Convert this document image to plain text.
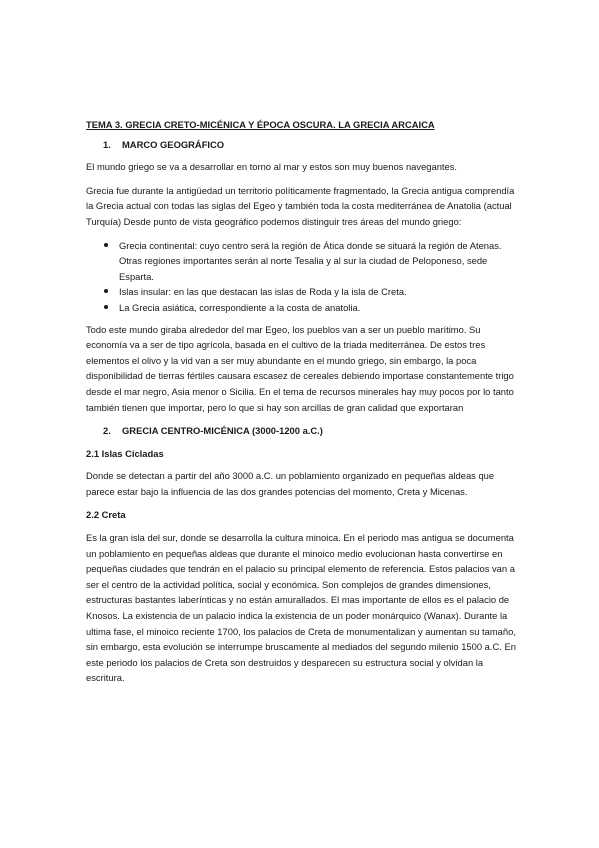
TEMA 3. GRECIA CRETO-MICÉNICA Y ÉPOCA OSCURA. LA GRECIA ARCAICA
1.	MARCO GEOGRÁFICO

El mundo griego se va a desarrollar en torno al mar y estos son muy buenos navegantes.

Grecia fue durante la antigüedad un territorio políticamente fragmentado, la Grecia antigua comprendía la Grecia actual con todas las siglas del Egeo y también toda la costa mediterránea de Anatolia (actual Turquía) Desde punto de vista geográfico podemos distinguir tres áreas del mundo griego:

Grecia continental: cuyo centro será la región de Ática donde se situará la región de Atenas. Otras regiones importantes serán al norte Tesalia y al sur la ciudad de Peloponeso, sede Esparta.
Islas insular: en las que destacan las islas de Roda y la isla de Creta.
La Grecia asiática, correspondiente a la costa de anatolia.

Todo este mundo giraba alrededor del mar Egeo, los pueblos van a ser un pueblo marítimo. Su economía va a ser de tipo agrícola, basada en el cultivo de la triada mediterránea. De estos tres elementos el olivo y la vid van a ser muy abundante en el mundo griego, sin embargo, la poca disponibilidad de tierras fértiles causara escasez de cereales debiendo importase constantemente trigo desde el mar negro, Asia menor o Sicilia. En el tema de recursos minerales hay muy pocos por lo tanto también tienen que importar, pero lo que si hay son arcillas de gran calidad que exportaran

2.	GRECIA CENTRO-MICÉNICA (3000-1200 a.C.)
2.1 Islas Cícladas

Donde se detectan a partir del año 3000 a.C. un poblamiento organizado en pequeñas aldeas que parece estar bajo la influencia de las dos grandes potencias del momento, Creta y Micenas.

2.2 Creta

Es la gran isla del sur, donde se desarrolla la cultura minoica. En el periodo mas antigua se documenta un poblamiento en pequeñas aldeas que durante el minoico medio evolucionan hasta convertirse en pequeñas ciudades que tendrán en el palacio su principal elemento de referencia. Estos palacios van a ser el centro de la actividad política, social y económica. Son complejos de grandes dimensiones, estructuras bastantes laberínticas y no están amurallados. El mas importante de ellos es el palacio de Knosos. La existencia de un palacio indica la existencia de un poder monárquico (Wanax). Durante la ultima fase, el minoico reciente 1700, los palacios de Creta de monumentalizan y aumentan su tamaño, sin embargo, esta evolución se interrumpe bruscamente al mediados del segundo milenio 1500 a.C. En este periodo los palacios de Creta son destruidos y desparecen su estructura social y olvidan la escritura.
